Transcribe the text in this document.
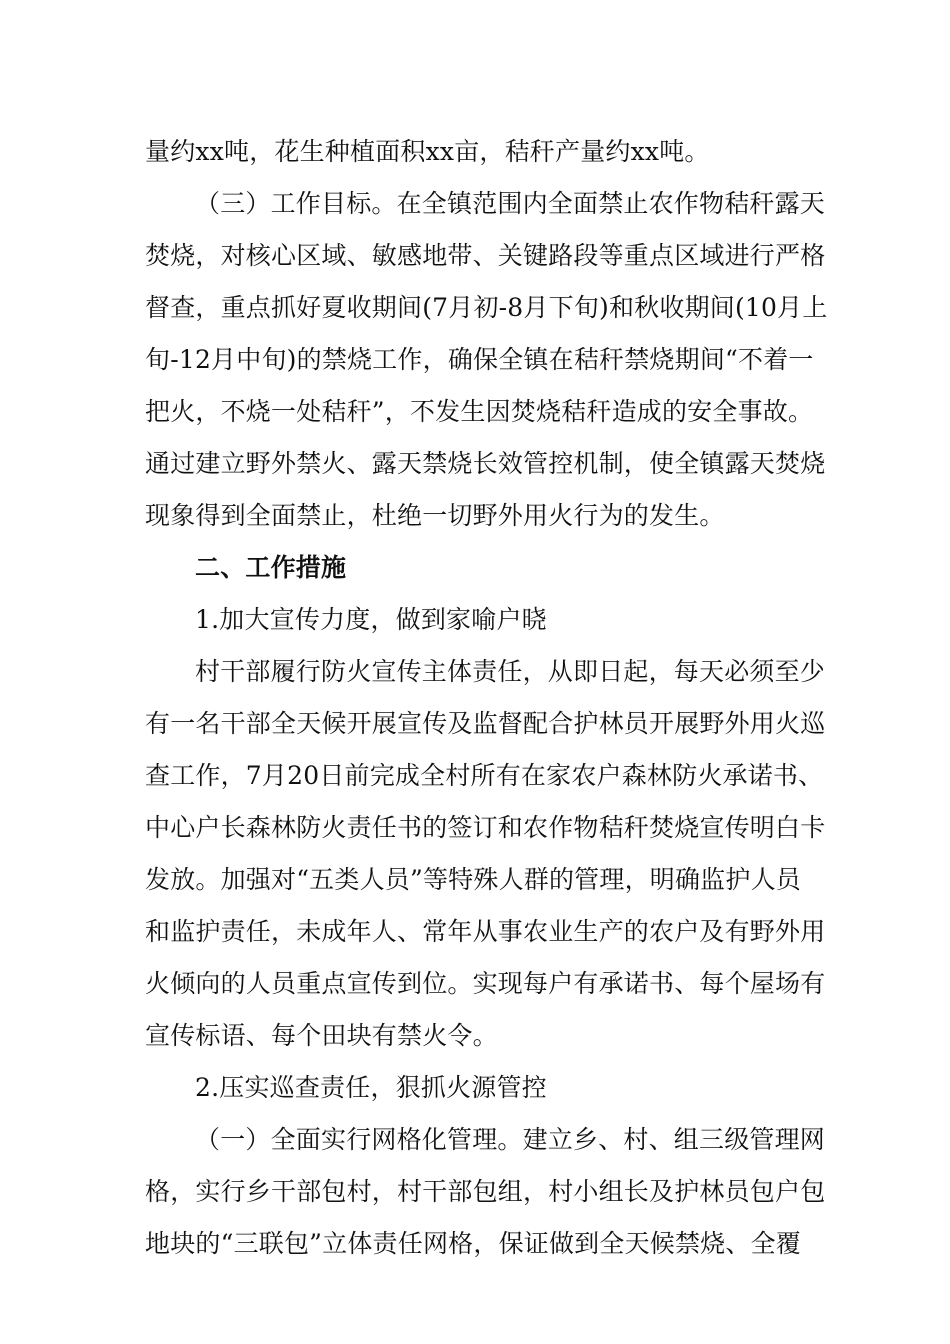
量约xx吨，花生种植面积xx亩，秸秆产量约xx吨。
（三）工作目标。在全镇范围内全面禁止农作物秸秆露天
焚烧，对核心区域、敏感地带、关键路段等重点区域进行严格
督查，重点抓好夏收期间(7月初-8月下旬)和秋收期间(10月上
旬-12月中旬)的禁烧工作，确保全镇在秸秆禁烧期间“不着一
把火，不烧一处秸秆”，不发生因焚烧秸秆造成的安全事故。
通过建立野外禁火、露天禁烧长效管控机制，使全镇露天焚烧
现象得到全面禁止，杜绝一切野外用火行为的发生。
二、工作措施
1.加大宣传力度，做到家喻户晓
村干部履行防火宣传主体责任，从即日起，每天必须至少
有一名干部全天候开展宣传及监督配合护林员开展野外用火巡
查工作，7月20日前完成全村所有在家农户森林防火承诺书、
中心户长森林防火责任书的签订和农作物秸秆焚烧宣传明白卡
发放。加强对“五类人员”等特殊人群的管理，明确监护人员
和监护责任，未成年人、常年从事农业生产的农户及有野外用
火倾向的人员重点宣传到位。实现每户有承诺书、每个屋场有
宣传标语、每个田块有禁火令。
2.压实巡查责任，狠抓火源管控
（一）全面实行网格化管理。建立乡、村、组三级管理网
格，实行乡干部包村，村干部包组，村小组长及护林员包户包
地块的“三联包”立体责任网格，保证做到全天候禁烧、全覆
